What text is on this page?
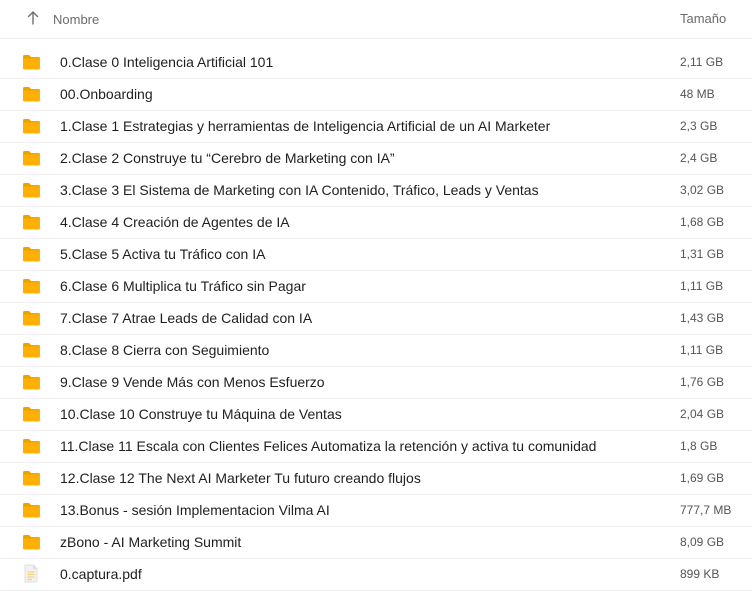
Nombre	Tamaño
0.Clase 0 Inteligencia Artificial 101	2,11 GB
00.Onboarding	48 MB
1.Clase 1 Estrategias y herramientas de Inteligencia Artificial de un AI Marketer	2,3 GB
2.Clase 2 Construye tu “Cerebro de Marketing con IA”	2,4 GB
3.Clase 3 El Sistema de Marketing con IA Contenido, Tráfico, Leads y Ventas	3,02 GB
4.Clase 4 Creación de Agentes de IA	1,68 GB
5.Clase 5 Activa tu Tráfico con IA	1,31 GB
6.Clase 6 Multiplica tu Tráfico sin Pagar	1,11 GB
7.Clase 7 Atrae Leads de Calidad con IA	1,43 GB
8.Clase 8 Cierra con Seguimiento	1,11 GB
9.Clase 9 Vende Más con Menos Esfuerzo	1,76 GB
10.Clase 10 Construye tu Máquina de Ventas	2,04 GB
11.Clase 11 Escala con Clientes Felices Automatiza la retención y activa tu comunidad	1,8 GB
12.Clase 12 The Next AI Marketer Tu futuro creando flujos	1,69 GB
13.Bonus - sesión Implementacion Vilma AI	777,7 MB
zBono - AI Marketing Summit	8,09 GB
0.captura.pdf	899 KB
